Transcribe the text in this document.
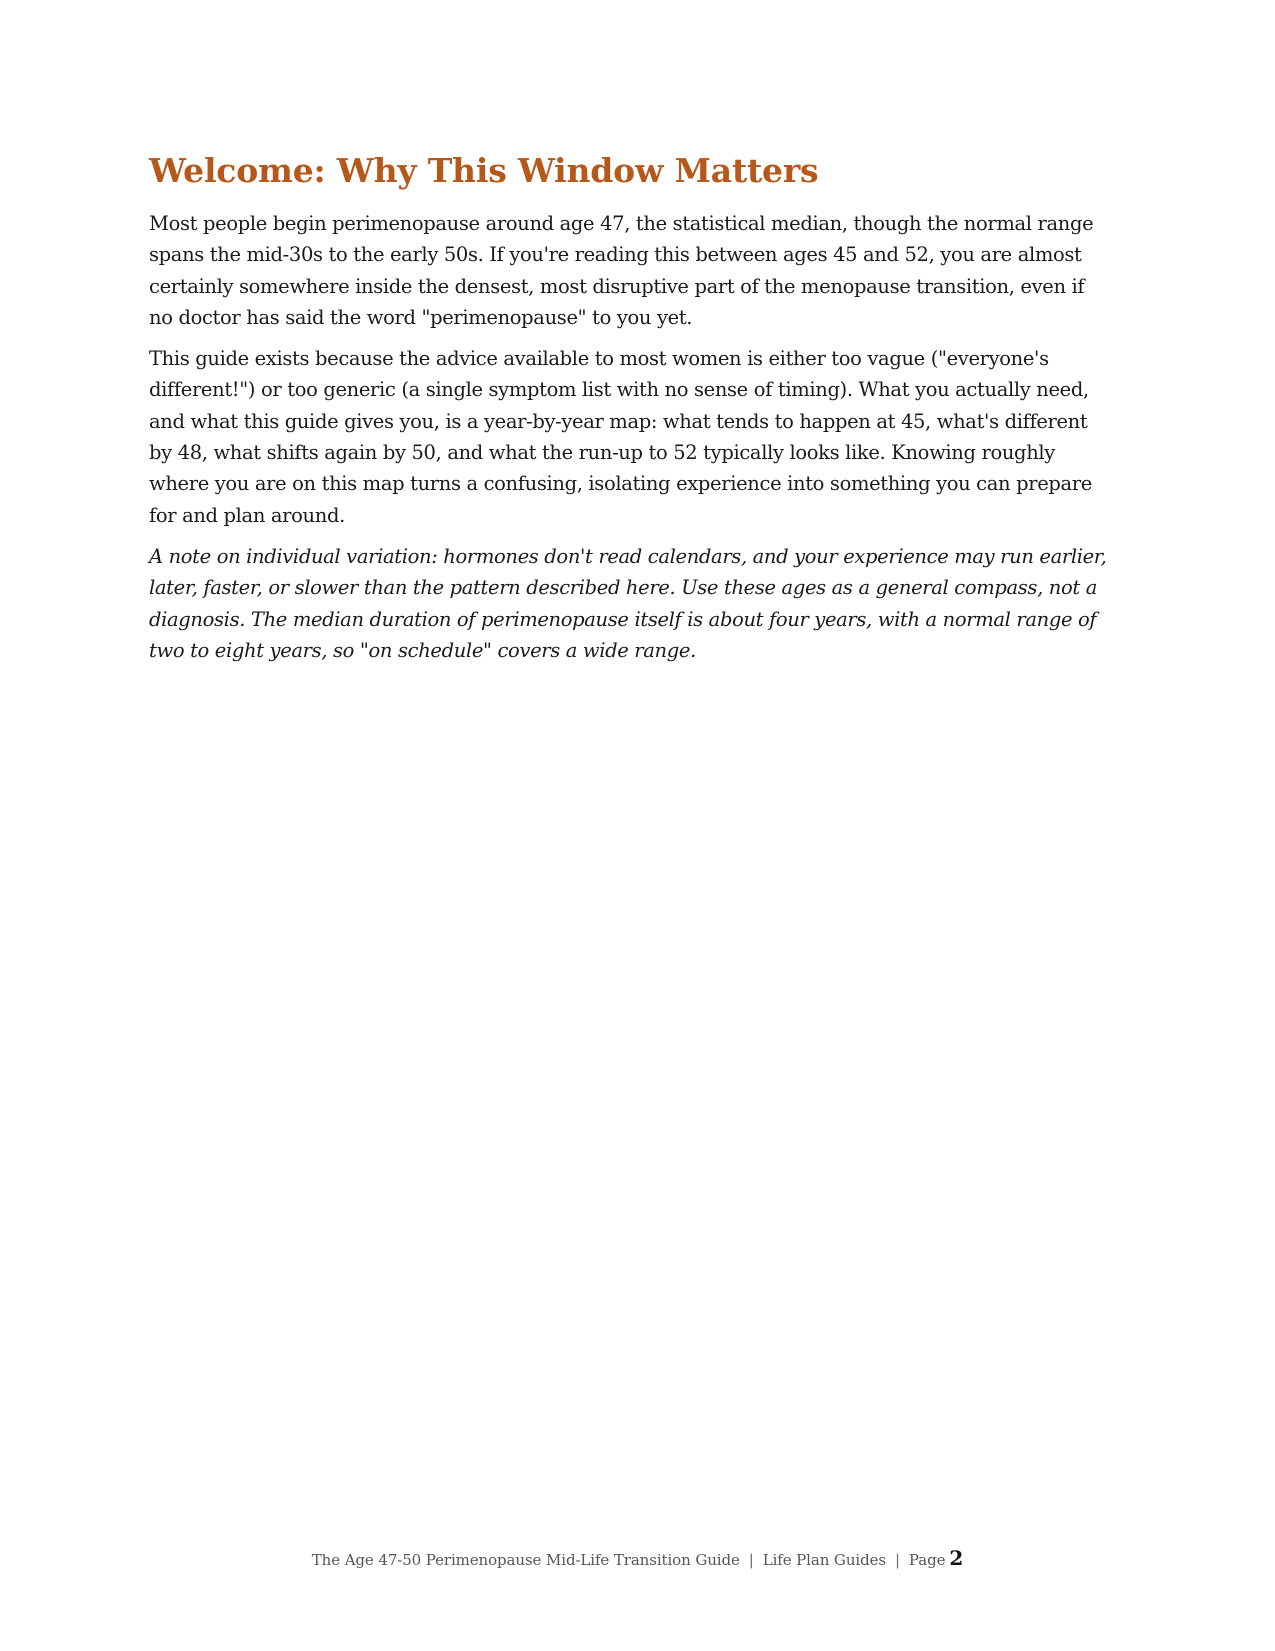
Welcome: Why This Window Matters

Most people begin perimenopause around age 47, the statistical median, though the normal range spans the mid-30s to the early 50s. If you're reading this between ages 45 and 52, you are almost certainly somewhere inside the densest, most disruptive part of the menopause transition, even if no doctor has said the word "perimenopause" to you yet.

This guide exists because the advice available to most women is either too vague ("everyone's different!") or too generic (a single symptom list with no sense of timing). What you actually need, and what this guide gives you, is a year-by-year map: what tends to happen at 45, what's different by 48, what shifts again by 50, and what the run-up to 52 typically looks like. Knowing roughly where you are on this map turns a confusing, isolating experience into something you can prepare for and plan around.

A note on individual variation: hormones don't read calendars, and your experience may run earlier, later, faster, or slower than the pattern described here. Use these ages as a general compass, not a diagnosis. The median duration of perimenopause itself is about four years, with a normal range of two to eight years, so "on schedule" covers a wide range.

The Age 47-50 Perimenopause Mid-Life Transition Guide | Life Plan Guides | Page 2
